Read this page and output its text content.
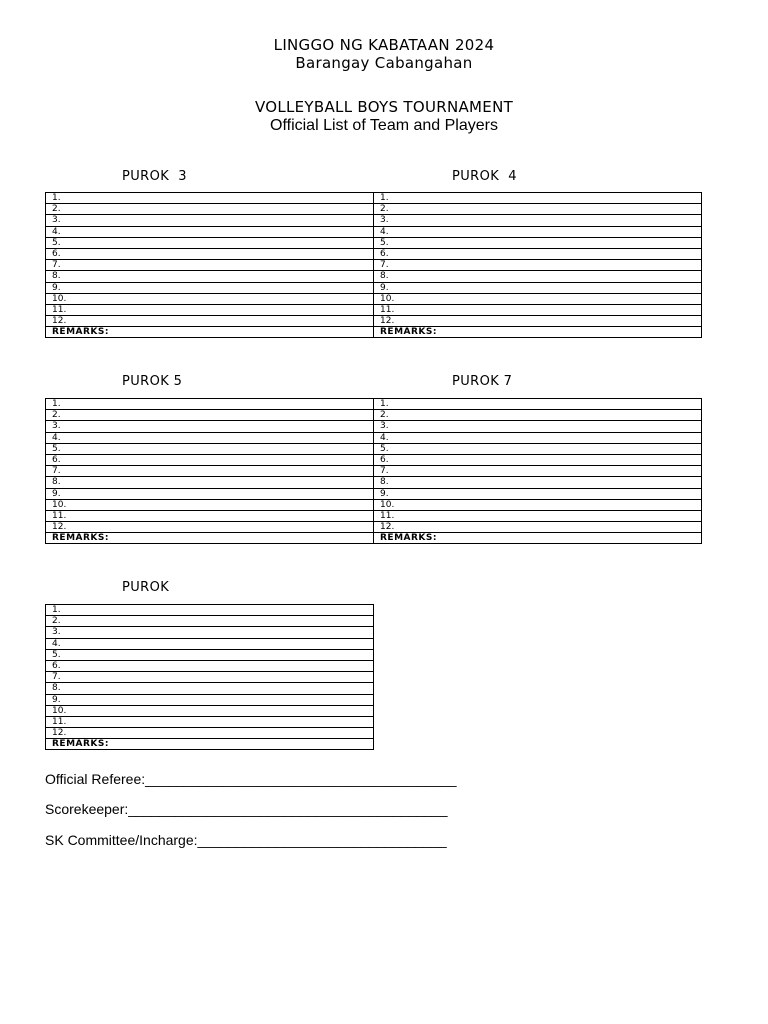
LINGGO NG KABATAAN 2024
Barangay Cabangahan
VOLLEYBALL BOYS TOURNAMENT
Official List of Team and Players
PUROK  3	PUROK  4
1.	1.
2.	2.
3.	3.
4.	4.
5.	5.
6.	6.
7.	7.
8.	8.
9.	9.
10.	10.
11.	11.
12.	12.
REMARKS:	REMARKS:
PUROK 5	PUROK 7
1.	1.
2.	2.
3.	3.
4.	4.
5.	5.
6.	6.
7.	7.
8.	8.
9.	9.
10.	10.
11.	11.
12.	12.
REMARKS:	REMARKS:
PUROK
1.
2.
3.
4.
5.
6.
7.
8.
9.
10.
11.
12.
REMARKS:
Official Referee:________________________________________
Scorekeeper:_________________________________________
SK Committee/Incharge:________________________________
